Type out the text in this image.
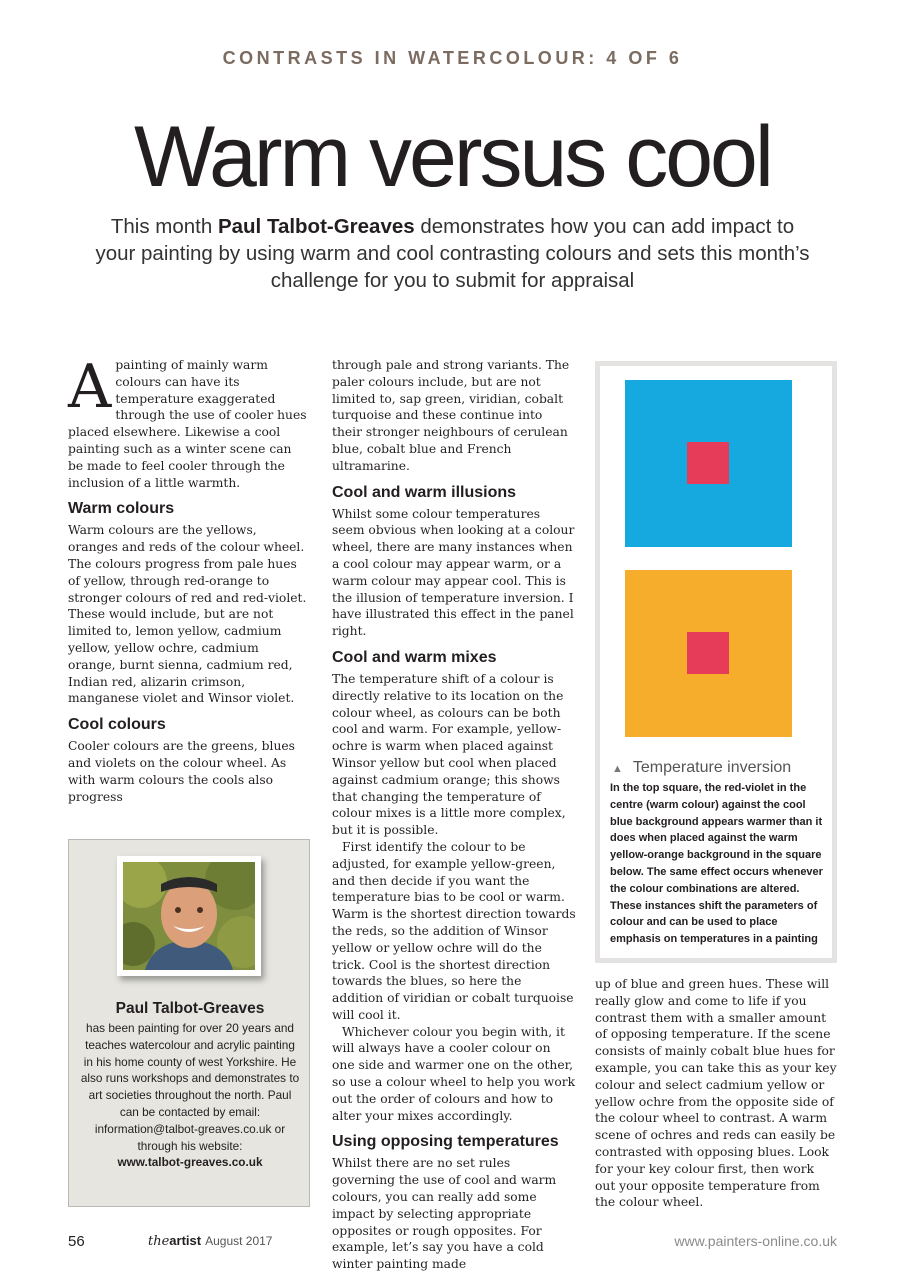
CONTRASTS IN WATERCOLOUR: 4 OF 6
Warm versus cool

This month Paul Talbot-Greaves demonstrates how you can add impact to your painting by using warm and cool contrasting colours and sets this month’s challenge for you to submit for appraisal

Apainting of mainly warm colours can have its temperature exaggerated through the use of cooler hues placed elsewhere. Likewise a cool painting such as a winter scene can be made to feel cooler through the inclusion of a little warmth.

Warm colours

Warm colours are the yellows, oranges and reds of the colour wheel. The colours progress from pale hues of yellow, through red-orange to stronger colours of red and red-violet. These would include, but are not limited to, lemon yellow, cadmium yellow, yellow ochre, cadmium orange, burnt sienna, cadmium red, Indian red, alizarin crimson, manganese violet and Winsor violet.

Cool colours

Cooler colours are the greens, blues and violets on the colour wheel. As with warm colours the cools also progress

Paul Talbot-Greaves
has been painting for over 20 years and teaches watercolour and acrylic painting in his home county of west Yorkshire. He also runs workshops and demonstrates to art societies throughout the north. Paul can be contacted by email: information@talbot-greaves.co.uk or through his website:
www.talbot-greaves.co.uk

through pale and strong variants. The paler colours include, but are not limited to, sap green, viridian, cobalt turquoise and these continue into their stronger neighbours of cerulean blue, cobalt blue and French ultramarine.

Cool and warm illusions

Whilst some colour temperatures seem obvious when looking at a colour wheel, there are many instances when a cool colour may appear warm, or a warm colour may appear cool. This is the illusion of temperature inversion. I have illustrated this effect in the panel right.

Cool and warm mixes

The temperature shift of a colour is directly relative to its location on the colour wheel, as colours can be both cool and warm. For example, yellow-ochre is warm when placed against Winsor yellow but cool when placed against cadmium orange; this shows that changing the temperature of colour mixes is a little more complex, but it is possible.

First identify the colour to be adjusted, for example yellow-green, and then decide if you want the temperature bias to be cool or warm. Warm is the shortest direction towards the reds, so the addition of Winsor yellow or yellow ochre will do the trick. Cool is the shortest direction towards the blues, so here the addition of viridian or cobalt turquoise will cool it.

Whichever colour you begin with, it will always have a cooler colour on one side and warmer one on the other, so use a colour wheel to help you work out the order of colours and how to alter your mixes accordingly.

Using opposing temperatures

Whilst there are no set rules governing the use of cool and warm colours, you can really add some impact by selecting appropriate opposites or rough opposites. For example, let’s say you have a cold winter painting made

▲ Temperature inversion
In the top square, the red-violet in the centre (warm colour) against the cool blue background appears warmer than it does when placed against the warm yellow-orange background in the square below. The same effect occurs whenever the colour combinations are altered. These instances shift the parameters of colour and can be used to place emphasis on temperatures in a painting

up of blue and green hues. These will really glow and come to life if you contrast them with a smaller amount of opposing temperature. If the scene consists of mainly cobalt blue hues for example, you can take this as your key colour and select cadmium yellow or yellow ochre from the opposite side of the colour wheel to contrast. A warm scene of ochres and reds can easily be contrasted with opposing blues. Look for your key colour first, then work out your opposite temperature from the colour wheel.

56	theartist August 2017	www.painters-online.co.uk
